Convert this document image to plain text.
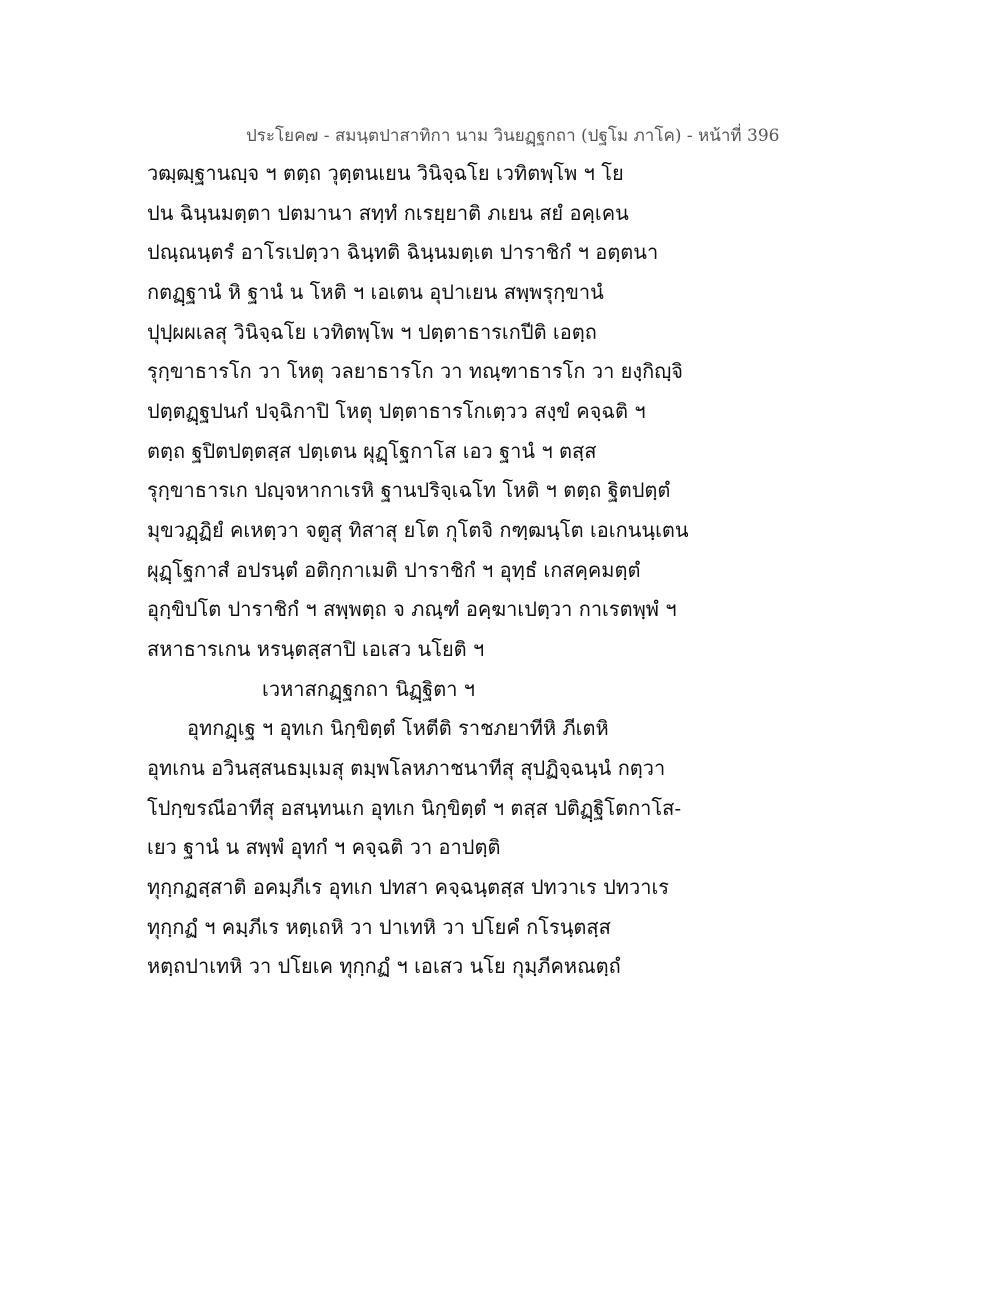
ประโยค๗ - สมนฺตปาสาทิกา นาม วินยฏฺฐกถา (ปฐโม ภาโค) - หน้าที่ 396
วฒฺฒฺฐานญฺจ ฯ ตตฺถ วุตฺตนเยน วินิจฺฉโย เวทิตพฺโพ ฯ โย
ปน ฉินฺนมตฺตา ปตมานา สทฺทํ กเรยฺยาติ ภเยน สยํ อคฺเคน
ปณฺณนฺตรํ อาโรเปตฺวา ฉินฺทติ ฉินฺนมตฺเต ปาราชิกํ ฯ อตฺตนา
กตฏฺฐานํ หิ ฐานํ น โหติ ฯ เอเตน อุปาเยน สพฺพรุกฺขานํ
ปุปฺผผเลสุ วินิจฺฉโย เวทิตพฺโพ ฯ ปตฺตาธารเกปีติ เอตฺถ
รุกฺขาธารโก วา โหตุ วลยาธารโก วา ทณฺฑาธารโก วา ยงฺกิญฺจิ
ปตฺตฏฺฐปนกํ ปจฺฉิกาปิ โหตุ ปตฺตาธารโกเตฺวว สงฺขํ คจฺฉติ ฯ
ตตฺถ ฐปิตปตฺตสฺส ปตฺเตน ผุฏฺโฐกาโส เอว ฐานํ ฯ ตสฺส
รุกฺขาธารเก ปญฺจหากาเรหิ ฐานปริจฺเฉโท โหติ ฯ ตตฺถ ฐิตปตฺตํ
มุขวฏฺฏิยํ คเหตฺวา จตูสุ ทิสาสุ ยโต กุโตจิ กฑฺฒนฺโต เอเกนนฺเตน
ผุฏฺโฐกาสํ อปรนฺตํ อติกฺกาเมติ ปาราชิกํ ฯ อุทฺธํ เกสคฺคมตฺตํ
อุกฺขิปโต ปาราชิกํ ฯ สพฺพตฺถ จ ภณฺฑํ อคฺฆาเปตฺวา กาเรตพฺพํ ฯ
สหาธารเกน หรนฺตสฺสาปิ เอเสว นโยติ ฯ
เวหาสกฏฺฐกถา นิฏฺฐิตา ฯ
อุทกฏฺเฐ ฯ อุทเก นิกฺขิตฺตํ โหตีติ ราชภยาทีหิ ภีเตหิ
อุทเกน อวินสฺสนธมฺเมสุ ตมฺพโลหภาชนาทีสุ สุปฏิจฺฉนฺนํ กตฺวา
โปกฺขรณีอาทีสุ อสนฺทนเก อุทเก นิกฺขิตฺตํ ฯ ตสฺส ปติฏฺฐิโตกาโส-
เยว ฐานํ น สพฺพํ อุทกํ ฯ คจฺฉติ วา อาปตฺติ
ทุกฺกฏสฺสาติ อคมฺภีเร อุทเก ปทสา คจฺฉนฺตสฺส ปทวาเร ปทวาเร
ทุกฺกฏํ ฯ คมฺภีเร หตฺเถหิ วา ปาเทหิ วา ปโยคํ กโรนฺตสฺส
หตฺถปาเทหิ วา ปโยเค ทุกฺกฏํ ฯ เอเสว นโย กุมฺภีคหณตฺถํ
